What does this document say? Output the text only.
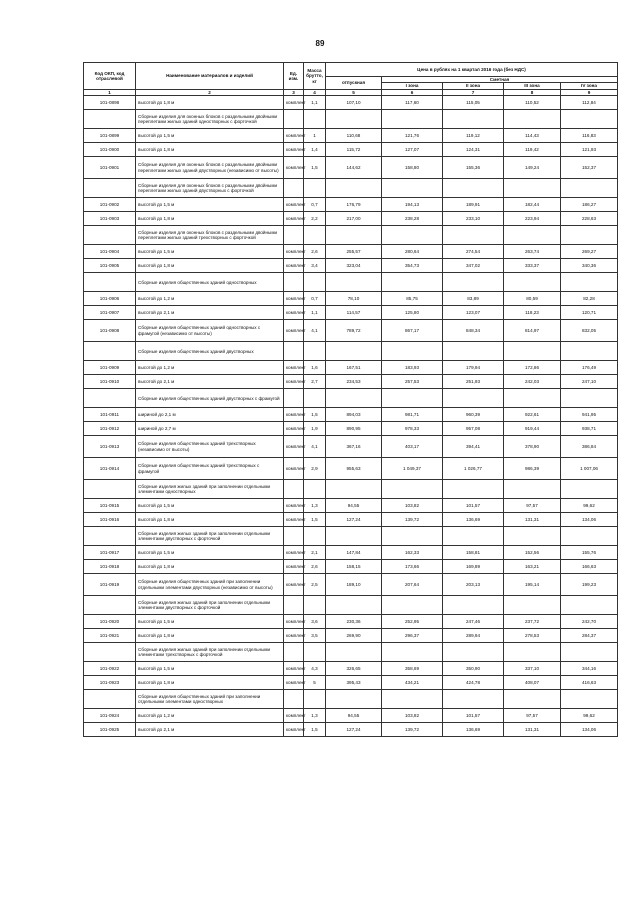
89
Код ОКП, код отраслевой	Наименование материалов и изделий	Ед. изм.	Масса брутто, кг	Цена в рублях на 1 квартал 2016 года (без НДС)				
				отпускная	Сметная			
					I зона	II зона	III зона	IV зона
1	2	3	4	5	6	7	8	9
101-0898	высотой до 1,8 м	комплект	1,1	107,10	117,60	115,05	110,52	112,84
	Сборные изделия для оконных блоков с раздельными двойными переплетами жилых зданий одностворных с форточкой							
101-0899	высотой до 1,5 м	комплект	1	110,68	121,76	119,12	114,43	116,83
101-0900	высотой до 1,8 м	комплект	1,4	115,72	127,07	124,31	119,42	121,93
101-0901	Сборные изделия для оконных блоков с раздельными двойными переплетами жилых зданий двустворных (независимо от высоты)	комплект	1,5	144,62	158,80	155,36	149,24	152,37
	Сборные изделия для оконных блоков с раздельными двойными переплетами жилых зданий двустворных с форточкой							
101-0902	высотой до 1,5 м	комплект	0,7	176,79	194,13	189,91	182,44	186,27
101-0903	высотой до 1,8 м	комплект	2,2	217,00	238,28	233,10	223,94	228,63
	Сборные изделия для оконных блоков с раздельными двойными переплетами жилых зданий трехстворных с форточкой							
101-0904	высотой до 1,5 м	комплект	2,6	255,57	280,64	274,54	263,74	269,27
101-0905	высотой до 1,8 м	комплект	3,4	323,04	354,73	347,02	333,37	340,36
	Сборные изделия общественных зданий одностворных							
101-0906	высотой до 1,2 м	комплект	0,7	78,10	85,75	83,89	80,59	82,28
101-0907	высотой до 2,1 м	комплект	1,1	114,57	125,80	123,07	118,23	120,71
101-0908	Сборные изделия общественных зданий одностворных с фрамугой (независимо от высоты)	комплект	4,1	789,72	867,17	848,34	814,97	832,05
	Сборные изделия общественных зданий двустворных							
101-0909	высотой до 1,2 м	комплект	1,6	167,51	183,93	179,94	172,86	176,49
101-0910	высотой до 2,1 м	комплект	2,7	234,53	257,53	251,93	242,03	247,10
	Сборные изделия общественных зданий двустворных с фрамугой							
101-0911	шириной до 2,1 м	комплект	1,5	894,03	981,71	960,39	922,61	941,95
101-0912	шириной до 2,7 м	комплект	1,9	890,95	978,33	957,08	919,44	938,71
101-0913	Сборные изделия общественных зданий трехстворных (независимо от высоты)	комплект	4,1	367,16	403,17	394,41	378,90	386,84
101-0914	Сборные изделия общественных зданий трехстворных с фрамугой	комплект	2,9	955,63	1 049,37	1 026,77	986,39	1 007,06
	Сборные изделия жилых зданий при заполнении отдельными элементами одностворных							
101-0915	высотой до 1,5 м	комплект	1,3	94,55	103,82	101,57	97,57	99,62
101-0916	высотой до 1,8 м	комплект	1,5	127,24	139,72	136,69	131,31	134,06
	Сборные изделия жилых зданий при заполнении отдельными элементами двустворных с форточкой							
101-0917	высотой до 1,5 м	комплект	2,1	147,84	162,33	158,81	152,56	155,76
101-0918	высотой до 1,8 м	комплект	2,6	158,15	173,66	169,89	163,21	166,63
101-0919	Сборные изделия общественных зданий при заполнении отдельными элементами двустворных (независимо от высоты)	комплект	2,5	189,10	207,64	203,13	195,14	199,23
	Сборные изделия жилых зданий при заполнении отдельными элементами двустворных с форточкой							
101-0920	высотой до 1,5 м	комплект	3,6	230,36	252,95	247,46	237,72	242,70
101-0921	высотой до 1,8 м	комплект	3,5	269,90	296,37	289,94	278,53	284,37
	Сборные изделия жилых зданий при заполнении отдельными элементами трехстворных с форточкой							
101-0922	высотой до 1,5 м	комплект	4,3	326,65	358,69	350,90	337,10	344,16
101-0923	высотой до 1,8 м	комплект	5	395,43	434,21	424,78	408,07	416,63
	Сборные изделия общественных зданий при заполнении отдельными элементами одностворных							
101-0924	высотой до 1,2 м	комплект	1,3	94,55	103,82	101,57	97,57	99,62
101-0925	высотой до 2,1 м	комплект	1,5	127,24	139,72	136,69	131,31	134,06
